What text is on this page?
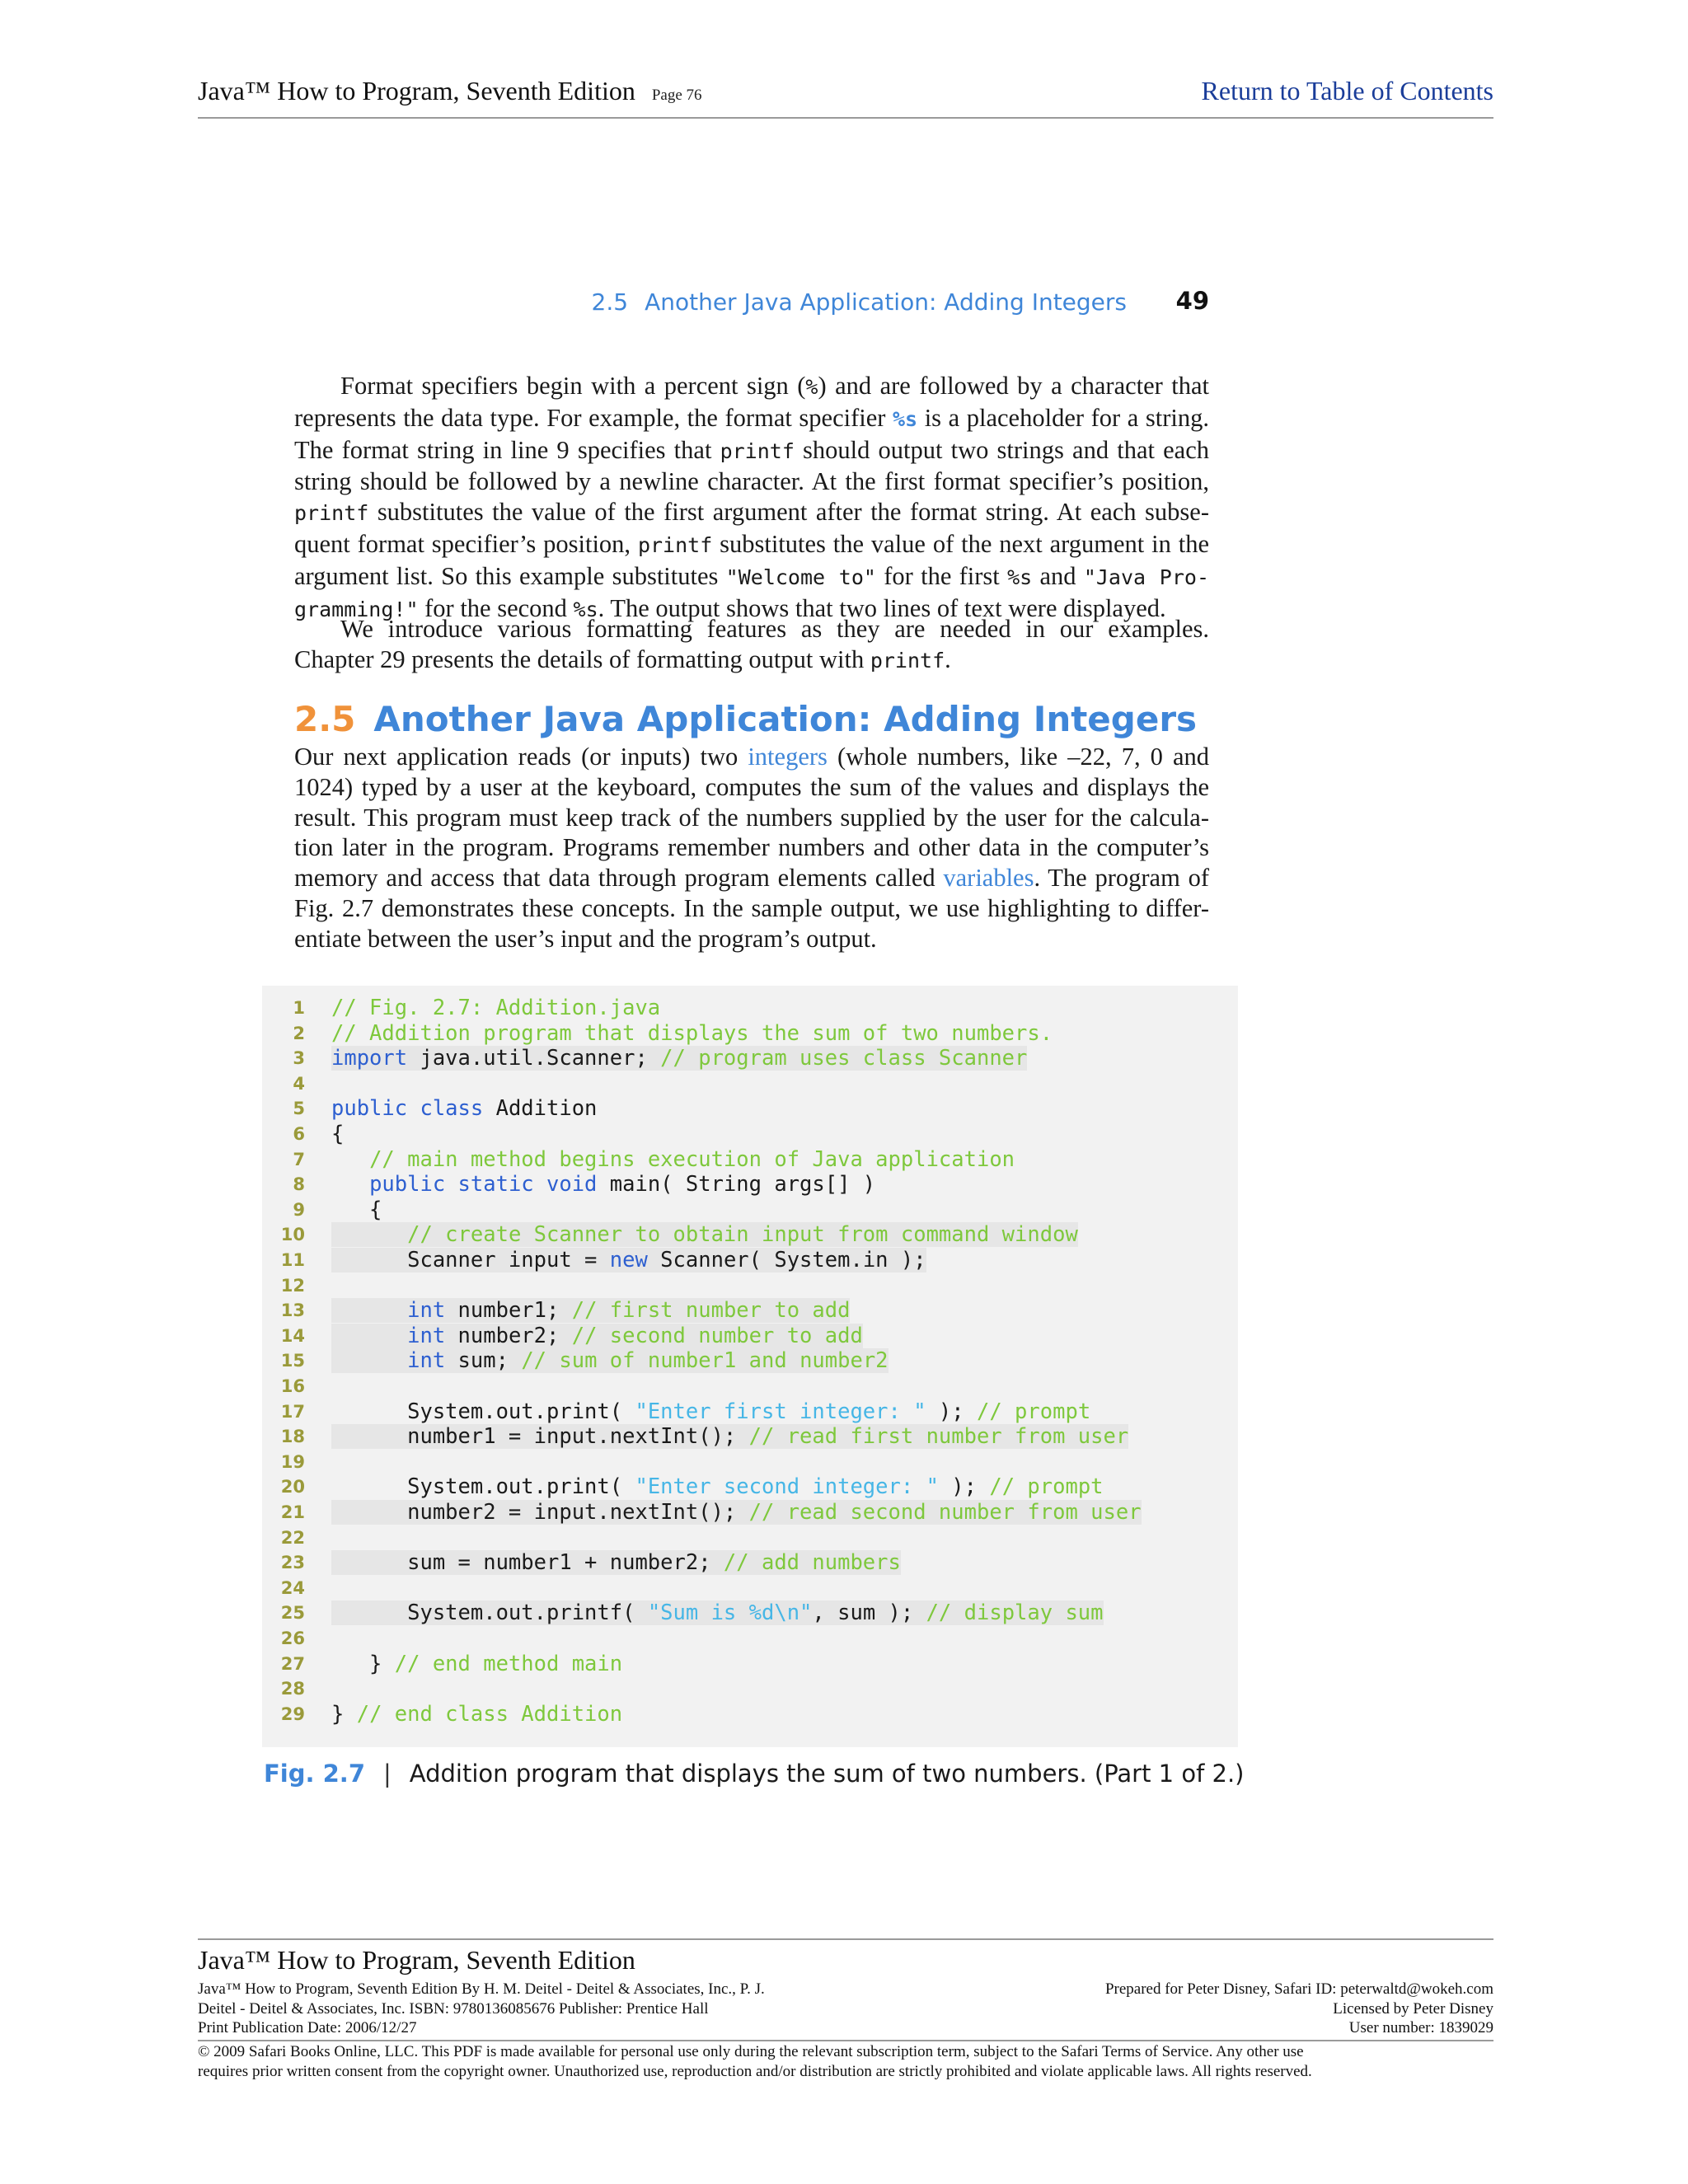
Java™ How to Program, Seventh Edition Page 76	Return to Table of Contents
2.5 Another Java Application: Adding Integers 49

Format specifiers begin with a percent sign (%) and are followed by a character that
represents the data type. For example, the format specifier %s is a placeholder for a string.
The format string in line 9 specifies that printf should output two strings and that each
string should be followed by a newline character. At the first format specifier’s position,
printf substitutes the value of the first argument after the format string. At each subse-
quent format specifier’s position, printf substitutes the value of the next argument in the
argument list. So this example substitutes "Welcome to" for the first %s and "Java Pro-
gramming!" for the second %s. The output shows that two lines of text were displayed.

We introduce various formatting features as they are needed in our examples.
Chapter 29 presents the details of formatting output with printf.

2.5 Another Java Application: Adding Integers

Our next application reads (or inputs) two integers (whole numbers, like –22, 7, 0 and
1024) typed by a user at the keyboard, computes the sum of the values and displays the
result. This program must keep track of the numbers supplied by the user for the calcula-
tion later in the program. Programs remember numbers and other data in the computer’s
memory and access that data through program elements called variables. The program of
Fig. 2.7 demonstrates these concepts. In the sample output, we use highlighting to differ-
entiate between the user’s input and the program’s output.

1 // Fig. 2.7: Addition.java
2 // Addition program that displays the sum of two numbers.
3 import java.util.Scanner; // program uses class Scanner
4
5 public class Addition
6 {
7	// main method begins execution of Java application
8	public static void main( String args[] )
9 {
10	// create Scanner to obtain input from command window
11 Scanner input = new Scanner( System.in );
12
13	int number1; // first number to add
14	int number2; // second number to add
15	int sum; // sum of number1 and number2
16
17 System.out.print( "Enter first integer: " ); // prompt
18 number1 = input.nextInt(); // read first number from user
19
20 System.out.print( "Enter second integer: " ); // prompt
21 number2 = input.nextInt(); // read second number from user
22
23 sum = number1 + number2; // add numbers
24
25 System.out.printf( "Sum is %d\n", sum ); // display sum
26
27 } // end method main
28
29 } // end class Addition
Fig. 2.7 | Addition program that displays the sum of two numbers. (Part 1 of 2.)
Java™ How to Program, Seventh Edition
Java™ How to Program, Seventh Edition By H. M. Deitel - Deitel & Associates, Inc., P. J.
Deitel - Deitel & Associates, Inc. ISBN: 9780136085676 Publisher: Prentice Hall
Print Publication Date: 2006/12/27
Prepared for Peter Disney, Safari ID: peterwaltd@wokeh.com
Licensed by Peter Disney
User number: 1839029
© 2009 Safari Books Online, LLC. This PDF is made available for personal use only during the relevant subscription term, subject to the Safari Terms of Service. Any other use
requires prior written consent from the copyright owner. Unauthorized use, reproduction and/or distribution are strictly prohibited and violate applicable laws. All rights reserved.
